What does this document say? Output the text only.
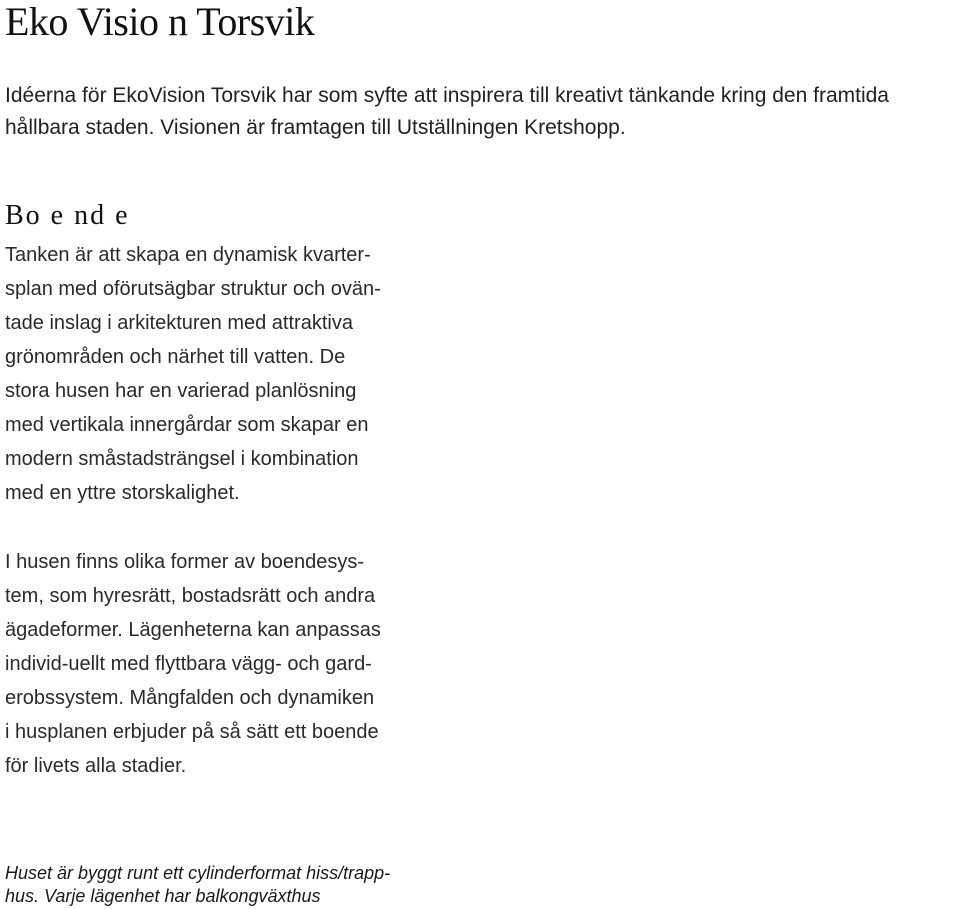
Eko Visio n Torsvik

Idéerna för EkoVision Torsvik har som syfte att inspirera till kreativt tänkande kring den framtida
hållbara staden. Visionen är framtagen till Utställningen Kretshopp.

Bo e nd e

Tanken är att skapa en dynamisk kvarter-
splan med oförutsägbar struktur och ovän-
tade inslag i arkitekturen med attraktiva
grönområden och närhet till vatten. De
stora husen har en varierad planlösning
med vertikala innergårdar som skapar en
modern småstadsträngsel i kombination
med en yttre storskalighet.

I husen finns olika former av boendesys-
tem, som hyresrätt, bostadsrätt och andra
ägadeformer. Lägenheterna kan anpassas
individ-uellt med flyttbara vägg- och gard-
erobssystem. Mångfalden och dynamiken
i husplanen erbjuder på så sätt ett boende
för livets alla stadier.

Huset är byggt runt ett cylinderformat hiss/trapp-
hus. Varje lägenhet har balkongväxthus
